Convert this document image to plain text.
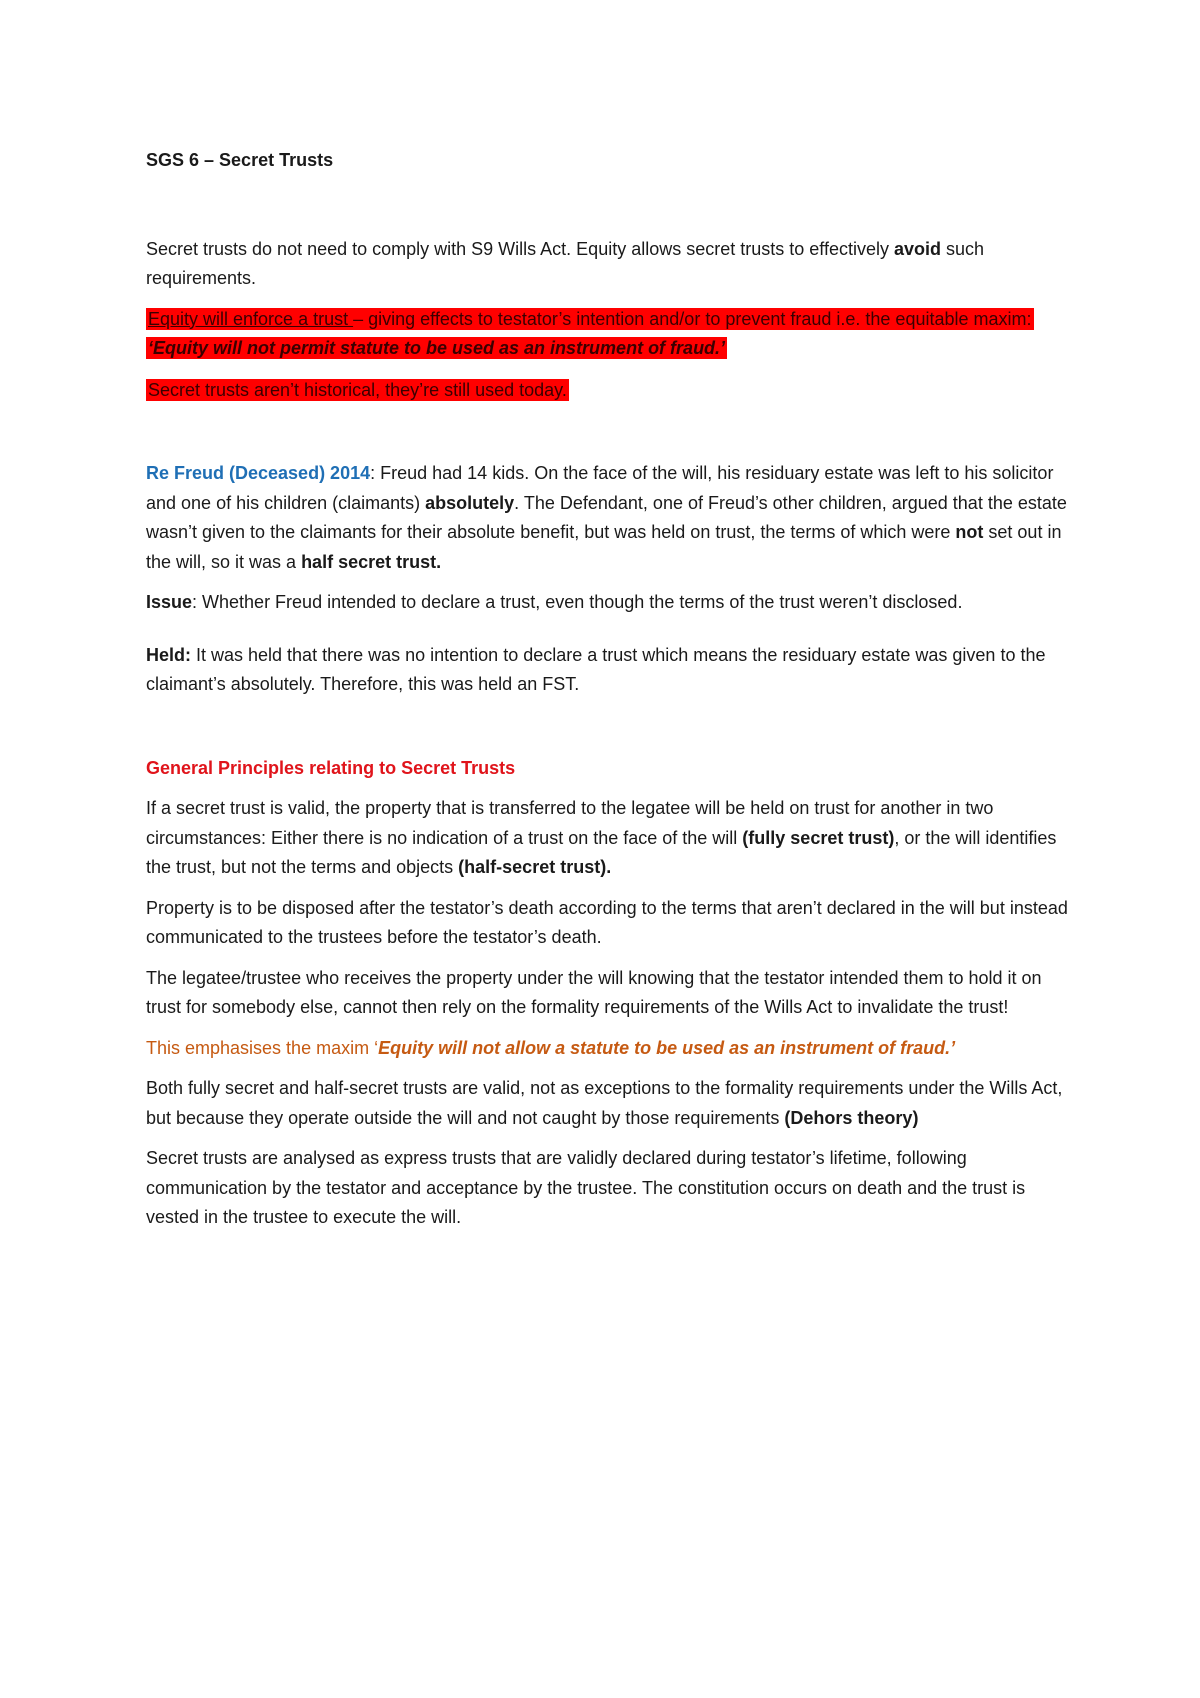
SGS 6 – Secret Trusts

Secret trusts do not need to comply with S9 Wills Act. Equity allows secret trusts to effectively avoid such requirements.

Equity will enforce a trust – giving effects to testator’s intention and/or to prevent fraud i.e. the equitable maxim: ‘Equity will not permit statute to be used as an instrument of fraud.’

Secret trusts aren’t historical, they’re still used today.

Re Freud (Deceased) 2014: Freud had 14 kids. On the face of the will, his residuary estate was left to his solicitor and one of his children (claimants) absolutely. The Defendant, one of Freud’s other children, argued that the estate wasn’t given to the claimants for their absolute benefit, but was held on trust, the terms of which were not set out in the will, so it was a half secret trust.

Issue: Whether Freud intended to declare a trust, even though the terms of the trust weren’t disclosed.

Held: It was held that there was no intention to declare a trust which means the residuary estate was given to the claimant’s absolutely. Therefore, this was held an FST.

General Principles relating to Secret Trusts

If a secret trust is valid, the property that is transferred to the legatee will be held on trust for another in two circumstances: Either there is no indication of a trust on the face of the will (fully secret trust), or the will identifies the trust, but not the terms and objects (half-secret trust).

Property is to be disposed after the testator’s death according to the terms that aren’t declared in the will but instead communicated to the trustees before the testator’s death.

The legatee/trustee who receives the property under the will knowing that the testator intended them to hold it on trust for somebody else, cannot then rely on the formality requirements of the Wills Act to invalidate the trust!

This emphasises the maxim ‘Equity will not allow a statute to be used as an instrument of fraud.’

Both fully secret and half-secret trusts are valid, not as exceptions to the formality requirements under the Wills Act, but because they operate outside the will and not caught by those requirements (Dehors theory)

Secret trusts are analysed as express trusts that are validly declared during testator’s lifetime, following communication by the testator and acceptance by the trustee. The constitution occurs on death and the trust is vested in the trustee to execute the will.
